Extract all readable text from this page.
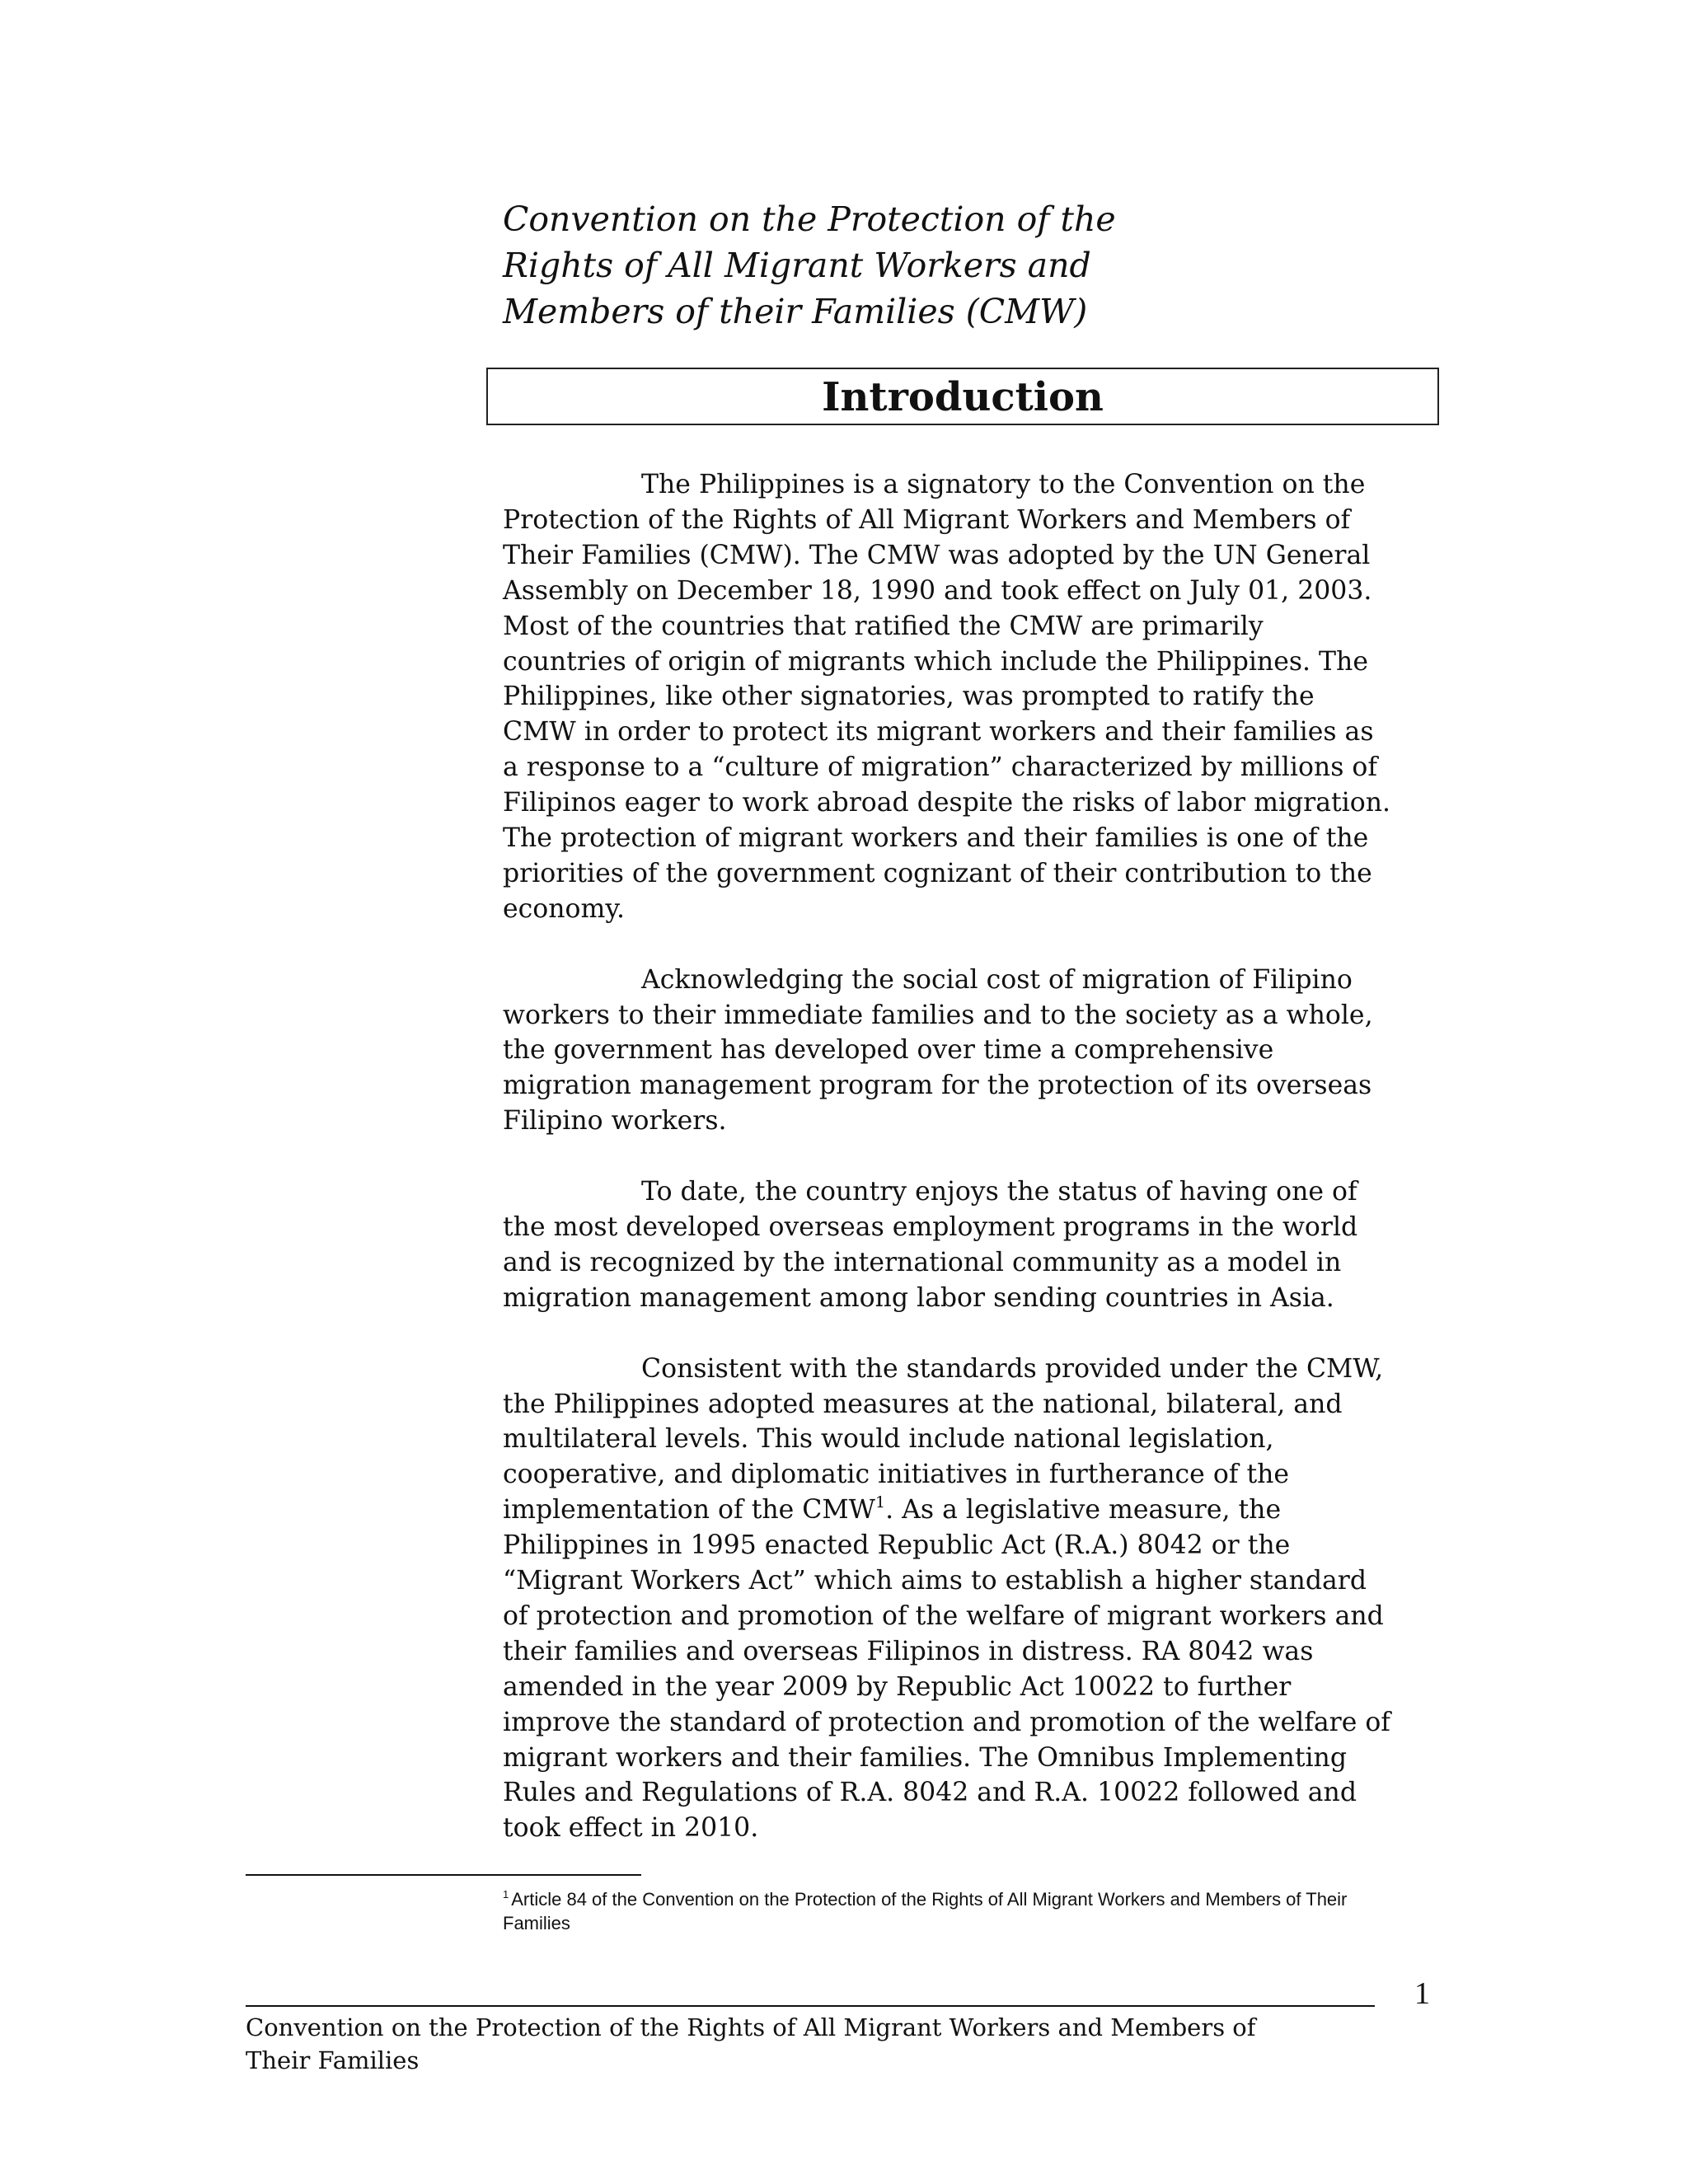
Convention on the Protection of the
Rights of All Migrant Workers and
Members of their Families (CMW)
Introduction

The Philippines is a signatory to the Convention on the Protection of the Rights of All Migrant Workers and Members of Their Families (CMW). The CMW was adopted by the UN General Assembly on December 18, 1990 and took effect on July 01, 2003. Most of the countries that ratified the CMW are primarily countries of origin of migrants which include the Philippines. The Philippines, like other signatories, was prompted to ratify the CMW in order to protect its migrant workers and their families as a response to a “culture of migration” characterized by millions of Filipinos eager to work abroad despite the risks of labor migration. The protection of migrant workers and their families is one of the priorities of the government cognizant of their contribution to the economy.

Acknowledging the social cost of migration of Filipino workers to their immediate families and to the society as a whole, the government has developed over time a comprehensive migration management program for the protection of its overseas Filipino workers.

To date, the country enjoys the status of having one of the most developed overseas employment programs in the world and is recognized by the international community as a model in migration management among labor sending countries in Asia.

Consistent with the standards provided under the CMW, the Philippines adopted measures at the national, bilateral, and multilateral levels. This would include national legislation, cooperative, and diplomatic initiatives in furtherance of the implementation of the CMW$^1$. As a legislative measure, the Philippines in 1995 enacted Republic Act (R.A.) 8042 or the “Migrant Workers Act” which aims to establish a higher standard of protection and promotion of the welfare of migrant workers and their families and overseas Filipinos in distress. RA 8042 was amended in the year 2009 by Republic Act 10022 to further improve the standard of protection and promotion of the welfare of migrant workers and their families. The Omnibus Implementing Rules and Regulations of R.A. 8042 and R.A. 10022 followed and took effect in 2010.

$^1$ Article 84 of the Convention on the Protection of the Rights of All Migrant Workers and Members of Their Families
1
Convention on the Protection of the Rights of All Migrant Workers and Members of Their Families
